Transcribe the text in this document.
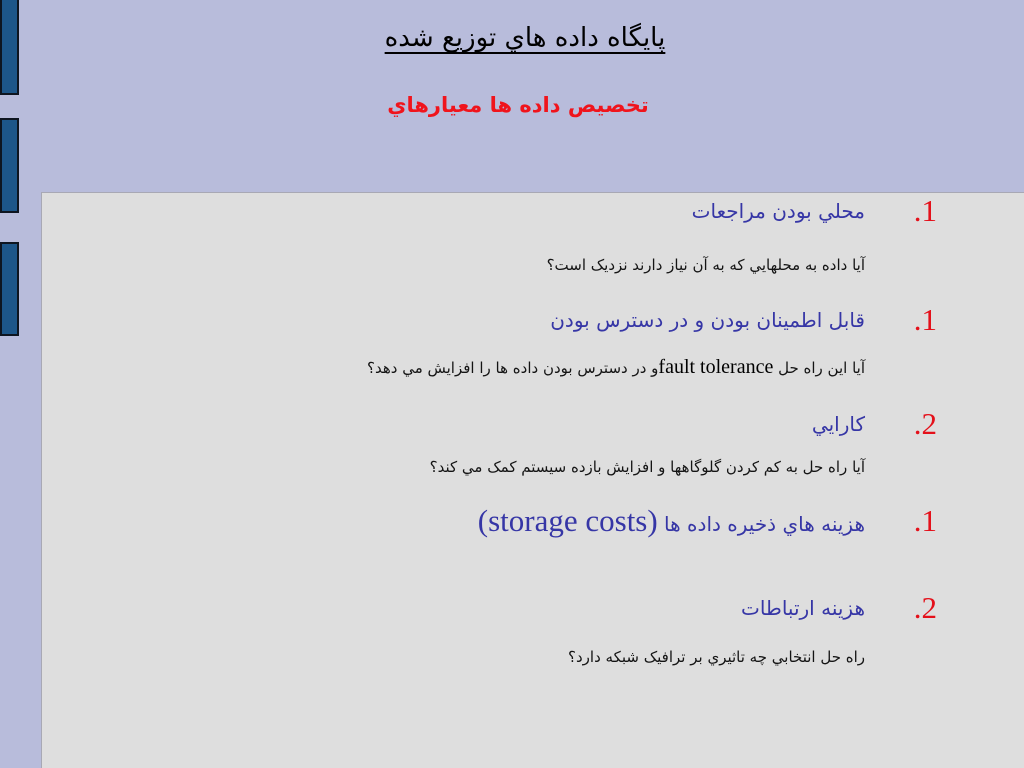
پايگاه داده هاي توزيع شده
تخصيص داده ها معيارهاي
1.
محلي بودن مراجعات
آيا داده به محلهايي كه به آن نياز دارند نزديک است؟
1.
قابل اطمينان بودن و در دسترس بودن
آيا اين راه حل fault toleranceو در دسترس بودن داده ها را افزايش مي دهد؟
2.
كارايي
آيا راه حل به كم كردن گلوگاهها و افزايش بازده سيستم كمک مي كند؟
1.
هزينه هاي ذخيره داده ها (storage costs)
2.
هزينه ارتباطات
راه حل انتخابي چه تاثيري بر ترافيک شبكه دارد؟
